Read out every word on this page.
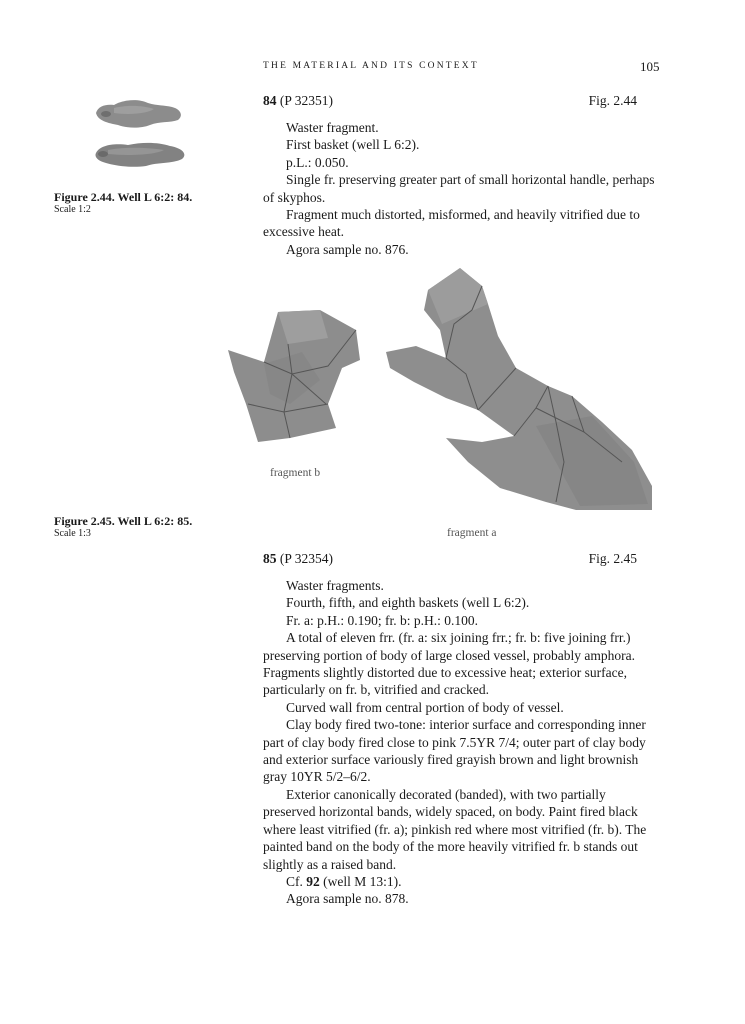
THE MATERIAL AND ITS CONTEXT	105
Figure 2.44. Well L 6:2: 84.
Scale 1:2
84 (P 32351)	Fig. 2.44

Waster fragment.

First basket (well L 6:2).

p.L.: 0.050.

Single fr. preserving greater part of small horizontal handle, perhaps of skyphos.

Fragment much distorted, misformed, and heavily vitrified due to excessive heat.

Agora sample no. 876.

fragment b
fragment a
Figure 2.45. Well L 6:2: 85.
Scale 1:3
85 (P 32354)	Fig. 2.45

Waster fragments.

Fourth, fifth, and eighth baskets (well L 6:2).

Fr. a: p.H.: 0.190; fr. b: p.H.: 0.100.

A total of eleven frr. (fr. a: six joining frr.; fr. b: five joining frr.) preserving portion of body of large closed vessel, probably amphora. Fragments slightly distorted due to excessive heat; exterior surface, particularly on fr. b, vitrified and cracked.

Curved wall from central portion of body of vessel.

Clay body fired two-tone: interior surface and corresponding inner part of clay body fired close to pink 7.5YR 7/4; outer part of clay body and exterior surface variously fired grayish brown and light brownish gray 10YR 5/2–6/2.

Exterior canonically decorated (banded), with two partially preserved horizontal bands, widely spaced, on body. Paint fired black where least vitrified (fr. a); pinkish red where most vitrified (fr. b). The painted band on the body of the more heavily vitrified fr. b stands out slightly as a raised band.

Cf. 92 (well M 13:1).

Agora sample no. 878.
